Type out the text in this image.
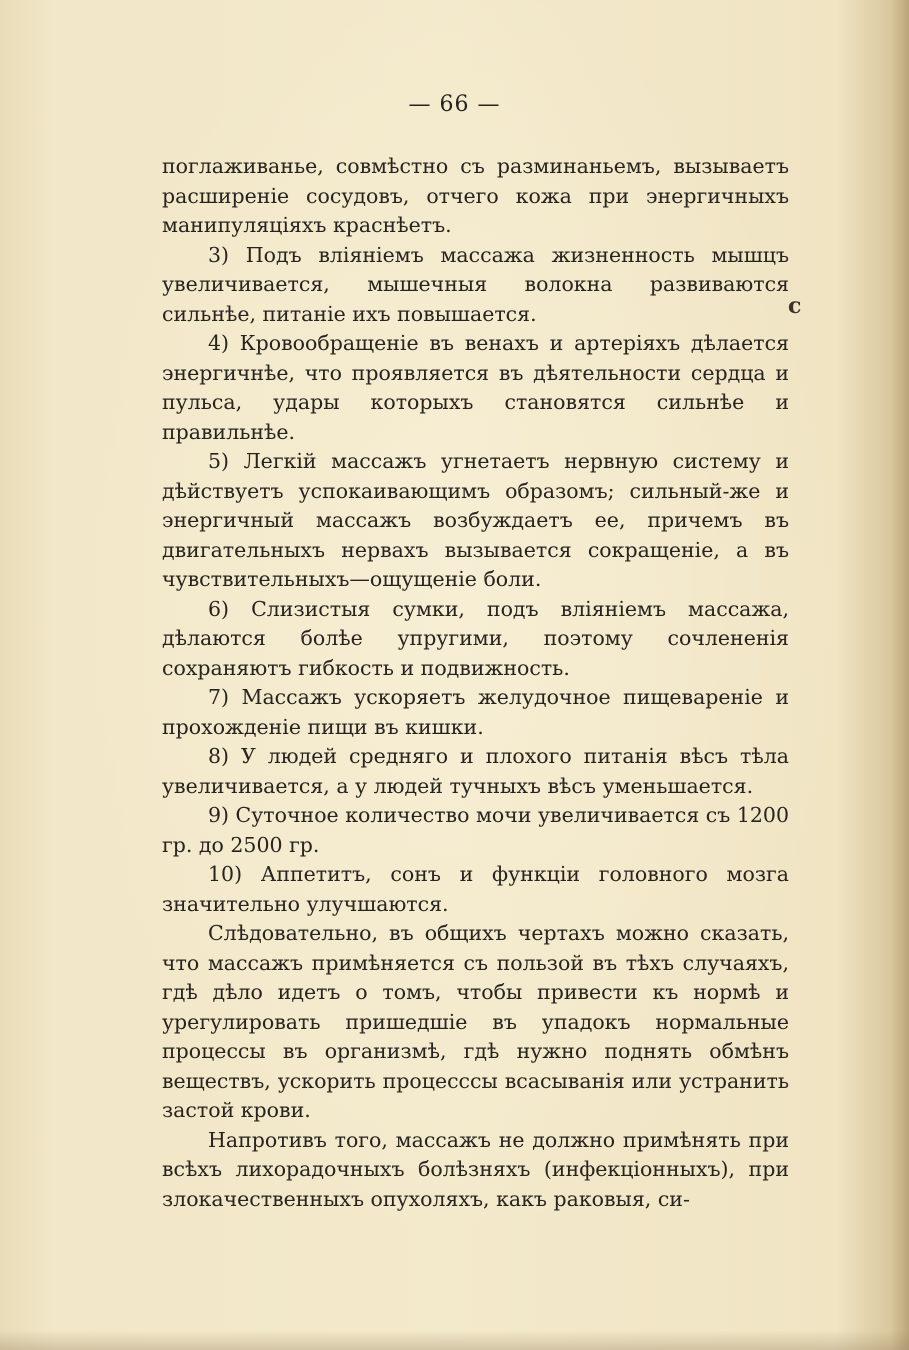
— 66 —

поглаживанье, совмѣстно съ разминаньемъ, вызываетъ расширеніе сосудовъ, отчего кожа при энергичныхъ манипуляціяхъ краснѣетъ.

3) Подъ вліяніемъ массажа жизненность мышцъ увеличивается, мышечныя волокна развиваются сильнѣе, питаніе ихъ повышается.

4) Кровообращеніе въ венахъ и артеріяхъ дѣлается энергичнѣе, что проявляется въ дѣятельности сердца и пульса, удары которыхъ становятся сильнѣе и правильнѣе.

5) Легкій массажъ угнетаетъ нервную систему и дѣйствуетъ успокаивающимъ образомъ; сильный-же и энергичный массажъ возбуждаетъ ее, причемъ въ двигательныхъ нервахъ вызывается сокращеніе, а въ чувствительныхъ—ощущеніе боли.

6) Слизистыя сумки, подъ вліяніемъ массажа, дѣлаются болѣе упругими, поэтому сочлененія сохраняютъ гибкость и подвижность.

7) Массажъ ускоряетъ желудочное пищевареніе и прохожденіе пищи въ кишки.

8) У людей средняго и плохого питанія вѣсъ тѣла увеличивается, а у людей тучныхъ вѣсъ уменьшается.

9) Суточное количество мочи увеличивается съ 1200 гр. до 2500 гр.

10) Аппетитъ, сонъ и функціи головного мозга значительно улучшаются.

Слѣдовательно, въ общихъ чертахъ можно сказать, что массажъ примѣняется съ пользой въ тѣхъ случаяхъ, гдѣ дѣло идетъ о томъ, чтобы привести къ нормѣ и урегулировать пришедшіе въ упадокъ нормальные процессы въ организмѣ, гдѣ нужно поднять обмѣнъ веществъ, ускорить процесссы всасыванія или устранить застой крови.

Напротивъ того, массажъ не должно примѣнять при всѣхъ лихорадочныхъ болѣзняхъ (инфекціонныхъ), при злокачественныхъ опухоляхъ, какъ раковыя, си-

с
